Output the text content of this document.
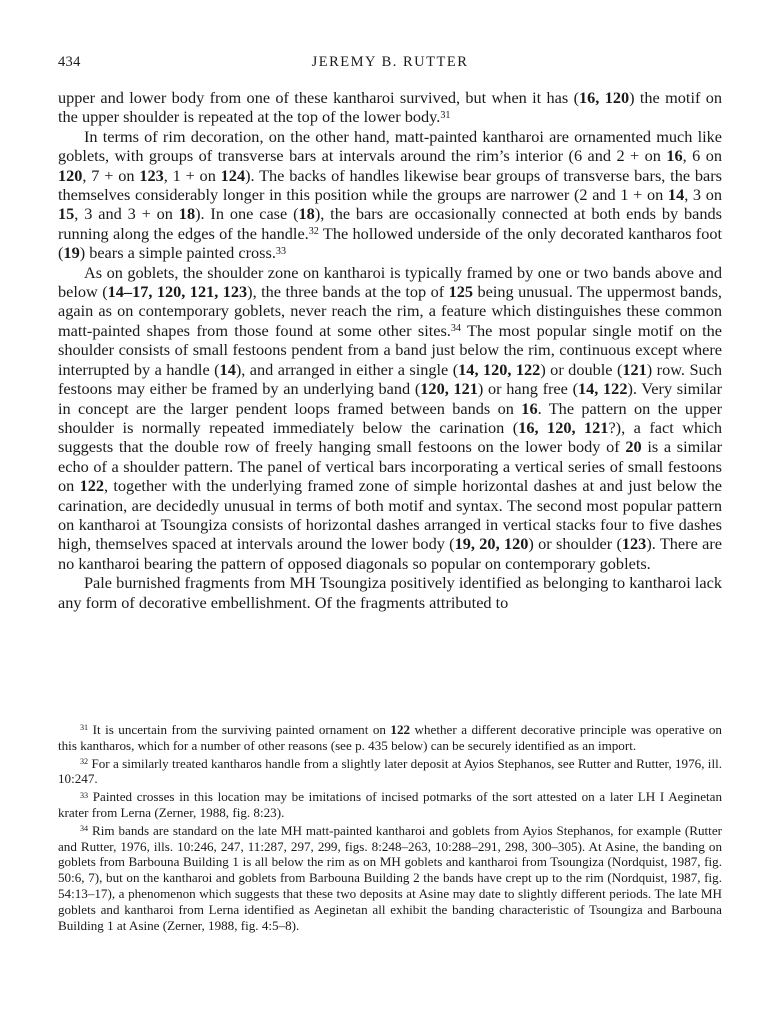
434	JEREMY B. RUTTER

upper and lower body from one of these kantharoi survived, but when it has (16, 120) the motif on the upper shoulder is repeated at the top of the lower body.$^{31}$

In terms of rim decoration, on the other hand, matt-painted kantharoi are ornamented much like goblets, with groups of transverse bars at intervals around the rim’s interior (6 and 2 + on 16, 6 on 120, 7 + on 123, 1 + on 124). The backs of handles likewise bear groups of transverse bars, the bars themselves considerably longer in this position while the groups are narrower (2 and 1 + on 14, 3 on 15, 3 and 3 + on 18). In one case (18), the bars are occasionally connected at both ends by bands running along the edges of the handle.$^{32}$ The hollowed underside of the only decorated kantharos foot (19) bears a simple painted cross.$^{33}$

As on goblets, the shoulder zone on kantharoi is typically framed by one or two bands above and below (14–17, 120, 121, 123), the three bands at the top of 125 being unusual. The uppermost bands, again as on contemporary goblets, never reach the rim, a feature which distinguishes these common matt-painted shapes from those found at some other sites.$^{34}$ The most popular single motif on the shoulder consists of small festoons pendent from a band just below the rim, continuous except where interrupted by a handle (14), and arranged in either a single (14, 120, 122) or double (121) row. Such festoons may either be framed by an underlying band (120, 121) or hang free (14, 122). Very similar in concept are the larger pendent loops framed between bands on 16. The pattern on the upper shoulder is normally repeated immediately below the carination (16, 120, 121?), a fact which suggests that the double row of freely hanging small festoons on the lower body of 20 is a similar echo of a shoulder pattern. The panel of vertical bars incorporating a vertical series of small festoons on 122, together with the underlying framed zone of simple horizontal dashes at and just below the carination, are decidedly unusual in terms of both motif and syntax. The second most popular pattern on kantharoi at Tsoungiza consists of horizontal dashes arranged in vertical stacks four to five dashes high, themselves spaced at intervals around the lower body (19, 20, 120) or shoulder (123). There are no kantharoi bearing the pattern of opposed diagonals so popular on contemporary goblets.

Pale burnished fragments from MH Tsoungiza positively identified as belonging to kantharoi lack any form of decorative embellishment. Of the fragments attributed to

$^{31}$ It is uncertain from the surviving painted ornament on 122 whether a different decorative principle was operative on this kantharos, which for a number of other reasons (see p. 435 below) can be securely identified as an import.

$^{32}$ For a similarly treated kantharos handle from a slightly later deposit at Ayios Stephanos, see Rutter and Rutter, 1976, ill. 10:247.

$^{33}$ Painted crosses in this location may be imitations of incised potmarks of the sort attested on a later LH I Aeginetan krater from Lerna (Zerner, 1988, fig. 8:23).

$^{34}$ Rim bands are standard on the late MH matt-painted kantharoi and goblets from Ayios Stephanos, for example (Rutter and Rutter, 1976, ills. 10:246, 247, 11:287, 297, 299, figs. 8:248–263, 10:288–291, 298, 300–305). At Asine, the banding on goblets from Barbouna Building 1 is all below the rim as on MH goblets and kantharoi from Tsoungiza (Nordquist, 1987, fig. 50:6, 7), but on the kantharoi and goblets from Barbouna Building 2 the bands have crept up to the rim (Nordquist, 1987, fig. 54:13–17), a phenomenon which suggests that these two deposits at Asine may date to slightly different periods. The late MH goblets and kantharoi from Lerna identified as Aeginetan all exhibit the banding characteristic of Tsoungiza and Barbouna Building 1 at Asine (Zerner, 1988, fig. 4:5–8).
